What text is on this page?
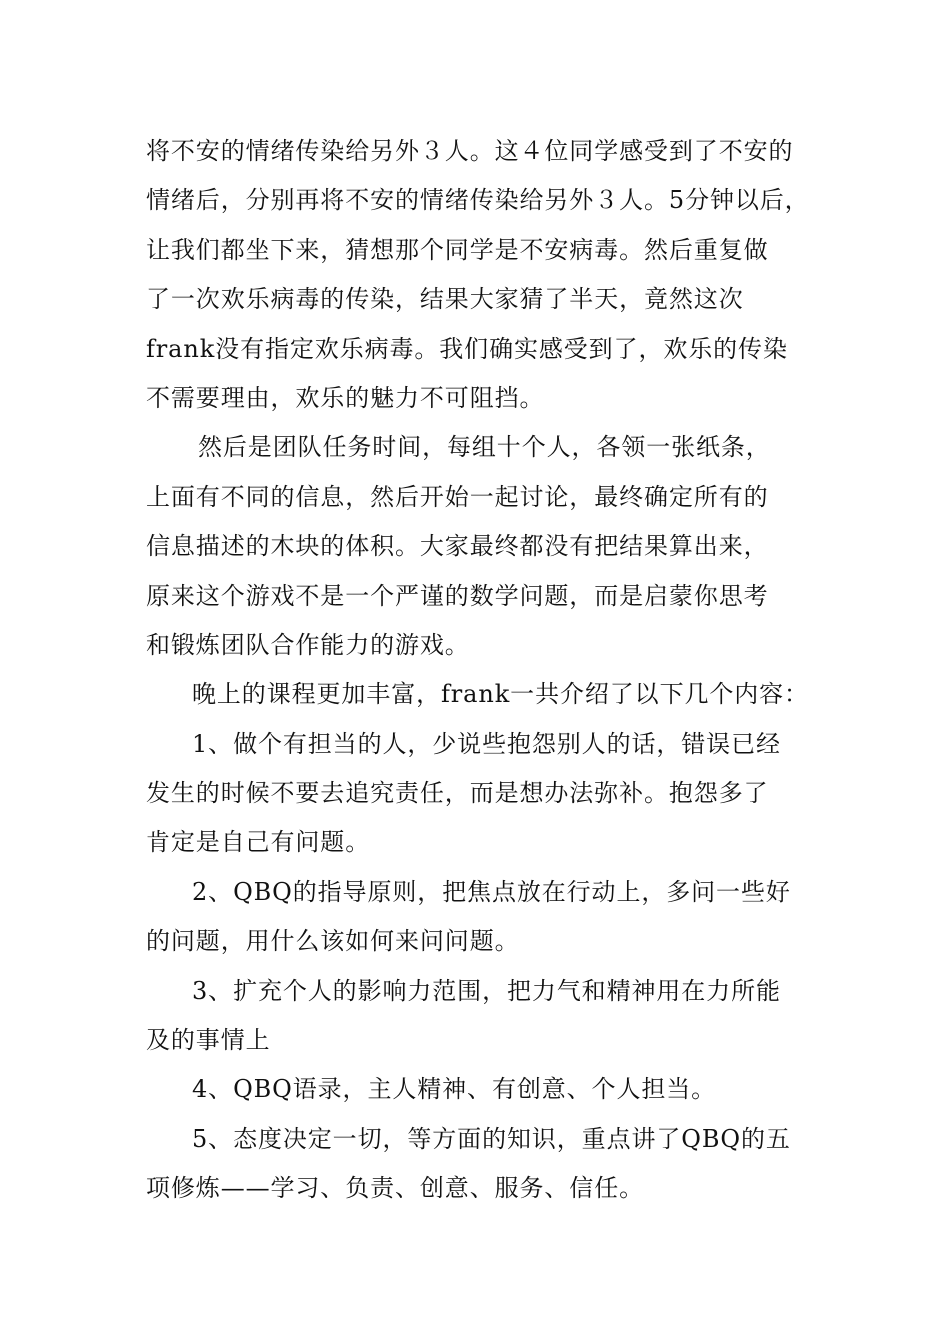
将不安的情绪传染给另外３人。这４位同学感受到了不安的
情绪后，分别再将不安的情绪传染给另外３人。5分钟以后，
让我们都坐下来，猜想那个同学是不安病毒。然后重复做
了一次欢乐病毒的传染，结果大家猜了半天，竟然这次
frank没有指定欢乐病毒。我们确实感受到了，欢乐的传染
不需要理由，欢乐的魅力不可阻挡。
然后是团队任务时间，每组十个人，各领一张纸条，
上面有不同的信息，然后开始一起讨论，最终确定所有的
信息描述的木块的体积。大家最终都没有把结果算出来，
原来这个游戏不是一个严谨的数学问题，而是启蒙你思考
和锻炼团队合作能力的游戏。
晚上的课程更加丰富，frank一共介绍了以下几个内容：
1、做个有担当的人，少说些抱怨别人的话，错误已经
发生的时候不要去追究责任，而是想办法弥补。抱怨多了
肯定是自己有问题。
2、QBQ的指导原则，把焦点放在行动上，多问一些好
的问题，用什么该如何来问问题。
3、扩充个人的影响力范围，把力气和精神用在力所能
及的事情上
4、QBQ语录，主人精神、有创意、个人担当。
5、态度决定一切，等方面的知识，重点讲了QBQ的五
项修炼——学习、负责、创意、服务、信任。
